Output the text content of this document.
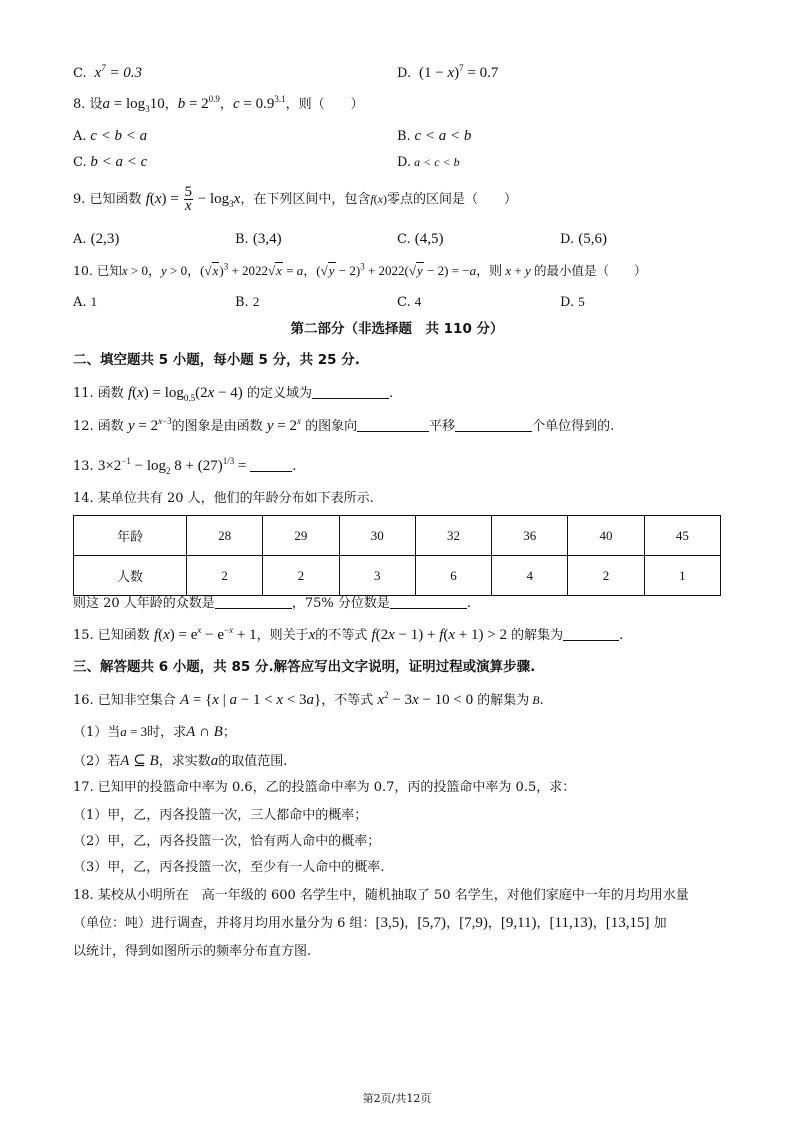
C.  $x^7 = 0.3$	D.  $(1 - x)^7 = 0.7$
8. 设$a = \log_310$，$b = 2^{0.9}$，$c = 0.9^{3.1}$，则（　　）
A. c < b < a	B. c < a < b
C. b < a < c	D. a < c < b
9. 已知函数 $f(x) = \frac{5}{x} - \log_3x$，在下列区间中，包含f(x)零点的区间是（　　）
A. (2,3)	B. (3,4)	C. (4,5)	D. (5,6)
10. 已知x > 0，y > 0，$(√x)^3 + 2022√x = a$，$(√y - 2)^3 + 2022(√y - 2) = -a$，则 x + y 的最小值是（　　）
A. 1	B. 2	C. 4	D. 5
第二部分（非选择题　共 110 分）
二、填空题共 5 小题，每小题 5 分，共 25 分.
11. 函数 $f(x) = \log_{0.5}(2x - 4)$ 的定义域为	.
12. 函数 $y = 2^{x-3}$的图象是由函数 $y = 2^x$ 的图象向	平移	个单位得到的.
13. $3\times 2^{-1} - \log_2 8 + (27)^{1/3}$ =	.
14. 某单位共有 20 人，他们的年龄分布如下表所示.
年龄	28	29	30	32	36	40	45
人数	2	2	3	6	4	2	1
则这 20 人年龄的众数是	，75% 分位数是	.
15. 已知函数 $f(x) = e^x - e^{-x} + 1$，则关于x的不等式 f(2x − 1) + f(x + 1) > 2 的解集为	.
三、解答题共 6 小题，共 85 分.解答应写出文字说明，证明过程或演算步骤.
16. 已知非空集合 A = {x | a − 1 < x < 3a}，不等式 $x^2 - 3x - 10 < 0$ 的解集为 B.
（1）当a = 3时，求A ∩ B；
（2）若A ⊆ B，求实数a的取值范围.
17. 已知甲的投篮命中率为 0.6，乙的投篮命中率为 0.7，丙的投篮命中率为 0.5，求：
（1）甲，乙，丙各投篮一次，三人都命中的概率；
（2）甲，乙，丙各投篮一次，恰有两人命中的概率；
（3）甲，乙，丙各投篮一次，至少有一人命中的概率.
18. 某校从小明所在　高一年级的 600 名学生中，随机抽取了 50 名学生，对他们家庭中一年的月均用水量
（单位：吨）进行调查，并将月均用水量分为 6 组：[3,5)，[5,7)，[7,9)，[9,11)，[11,13)，[13,15] 加
以统计，得到如图所示的频率分布直方图.
第2页/共12页
